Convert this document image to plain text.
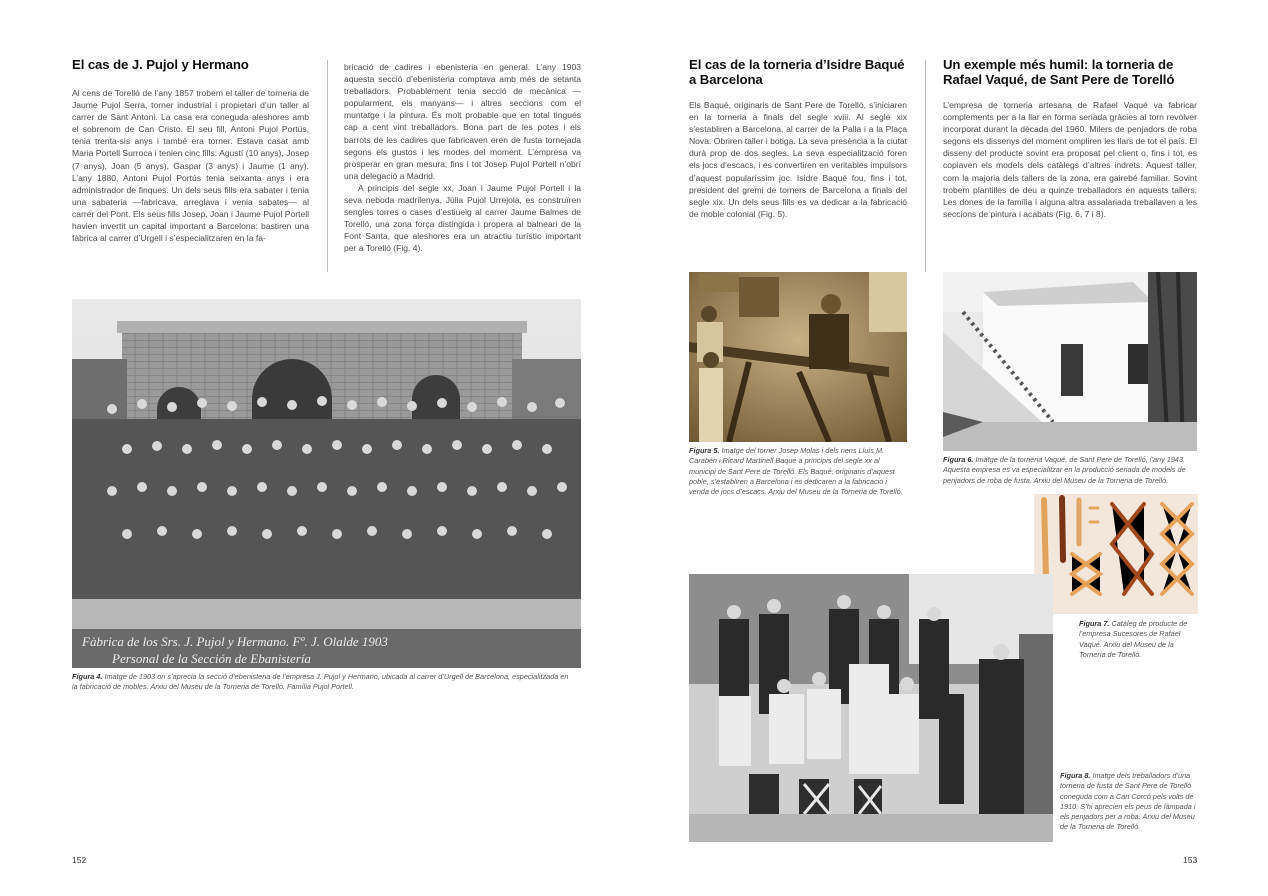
El cas de J. Pujol y Hermano

Al cens de Torelló de l’any 1857 trobem el taller de torneria de Jaume Pujol Serra, torner industrial i propietari d’un taller al carrer de Sant Antoni. La casa era coneguda aleshores amb el sobrenom de Can Cristo. El seu fill, Antoni Pujol Portús, tenia trenta-sis anys i també era torner. Estava casat amb Maria Portell Surroca i tenien cinc fills: Agustí (10 anys), Josep (7 anys), Joan (5 anys), Gaspar (3 anys) i Jaume (1 any). L’any 1880, Antoni Pujol Portús tenia seixanta anys i era administrador de finques. Un dels seus fills era sabater i tenia una sabateria —fabricava, arreglava i venia sabates— al carrer del Pont. Els seus fills Josep, Joan i Jaume Pujol Portell havien invertit un capital important a Barcelona: bastiren una fàbrica al carrer d’Urgell i s’especialitzaren en la fa-

bricació de cadires i ebenisteria en general. L’any 1903 aquesta secció d’ebenisteria comptava amb més de setanta treballadors. Probablement tenia secció de mecànica —popularment, els manyans— i altres seccions com el muntatge i la pintura. És molt probable que en total tingués cap a cent vint treballadors. Bona part de les potes i els barrots de les cadires que fabricaven eren de fusta tornejada segons els gustos i les modes del moment. L’empresa va prosperar en gran mesura; fins i tot Josep Pujol Portell n’obrí una delegació a Madrid.

A principis del segle xx, Joan i Jaume Pujol Portell i la seva neboda madrilenya, Júlia Pujol Urrejola, es construïren sengles torres o cases d’estiueig al carrer Jaume Balmes de Torelló, una zona força distingida i propera al balneari de la Font Santa, que aleshores era un atractiu turístic important per a Torelló (Fig. 4).

Fàbrica de los Srs. J. Pujol y Hermano. Fº. J. Olalde 1903
Personal de la Sección de Ebanistería
Figura 4. Imatge de 1903 on s’aprecia la secció d’ebenisteria de l’empresa J. Pujol y Hermano, ubicada al carrer d’Urgell de Barcelona, especialitzada en la fabricació de mobles. Arxiu del Museu de la Torneria de Torelló. Família Pujol Portell.
152
El cas de la torneria d’Isidre Baqué a Barcelona

Els Baqué, originaris de Sant Pere de Torelló, s’iniciaren en la torneria a finals del segle xviii. Al segle xix s’establiren a Barcelona, al carrer de la Palla i a la Plaça Nova. Obriren taller i botiga. La seva presència a la ciutat durà prop de dos segles. La seva especialització foren els jocs d’escacs, i es convertiren en veritables impulsors d’aquest popularíssim joc. Isidre Baqué fou, fins i tot, president del gremi de torners de Barcelona a finals del segle xix. Un dels seus fills es va dedicar a la fabricació de moble colonial (Fig. 5).

Un exemple més humil: la torneria de Rafael Vaqué, de Sant Pere de Torelló

L’empresa de torneria artesana de Rafael Vaqué va fabricar complements per a la llar en forma seriada gràcies al torn revòlver incorporat durant la dècada del 1960. Milers de penjadors de roba segons els dissenys del moment ompliren les llars de tot el país. El disseny del producte sovint era proposat pel client o, fins i tot, es copiaven els models dels catàlegs d’altres indrets. Aquest taller, com la majoria dels tallers de la zona, era gairebé familiar. Sovint trobem plantilles de deu a quinze treballadors en aquests tallers. Les dones de la família i alguna altra assalariada treballaven a les seccions de pintura i acabats (Fig. 6, 7 i 8).

Figura 5. Imatge del torner Josep Molas i dels nens Lluís M. Carabén i Ricard Martinell Baqué a principis del segle xx al municipi de Sant Pere de Torelló. Els Baqué, originaris d’aquest poble, s’establiren a Barcelona i es dedicaren a la fabricació i venda de jocs d’escacs. Arxiu del Museu de la Torneria de Torelló.
Figura 6. Imatge de la torneria Vaqué, de Sant Pere de Torelló, l’any 1943. Aquesta empresa es va especialitzar en la producció seriada de models de penjadors de roba de fusta. Arxiu del Museu de la Torneria de Torelló.
Figura 7. Catàleg de producte de l’empresa Sucesores de Rafael Vaqué. Arxiu del Museu de la Torneria de Torelló.
Figura 8. Imatge dels treballadors d’una torneria de fusta de Sant Pere de Torelló coneguda com a Can Corcó pels volts de 1910. S’hi aprecien els peus de làmpada i els penjadors per a roba. Arxiu del Museu de la Torneria de Torelló.
153
